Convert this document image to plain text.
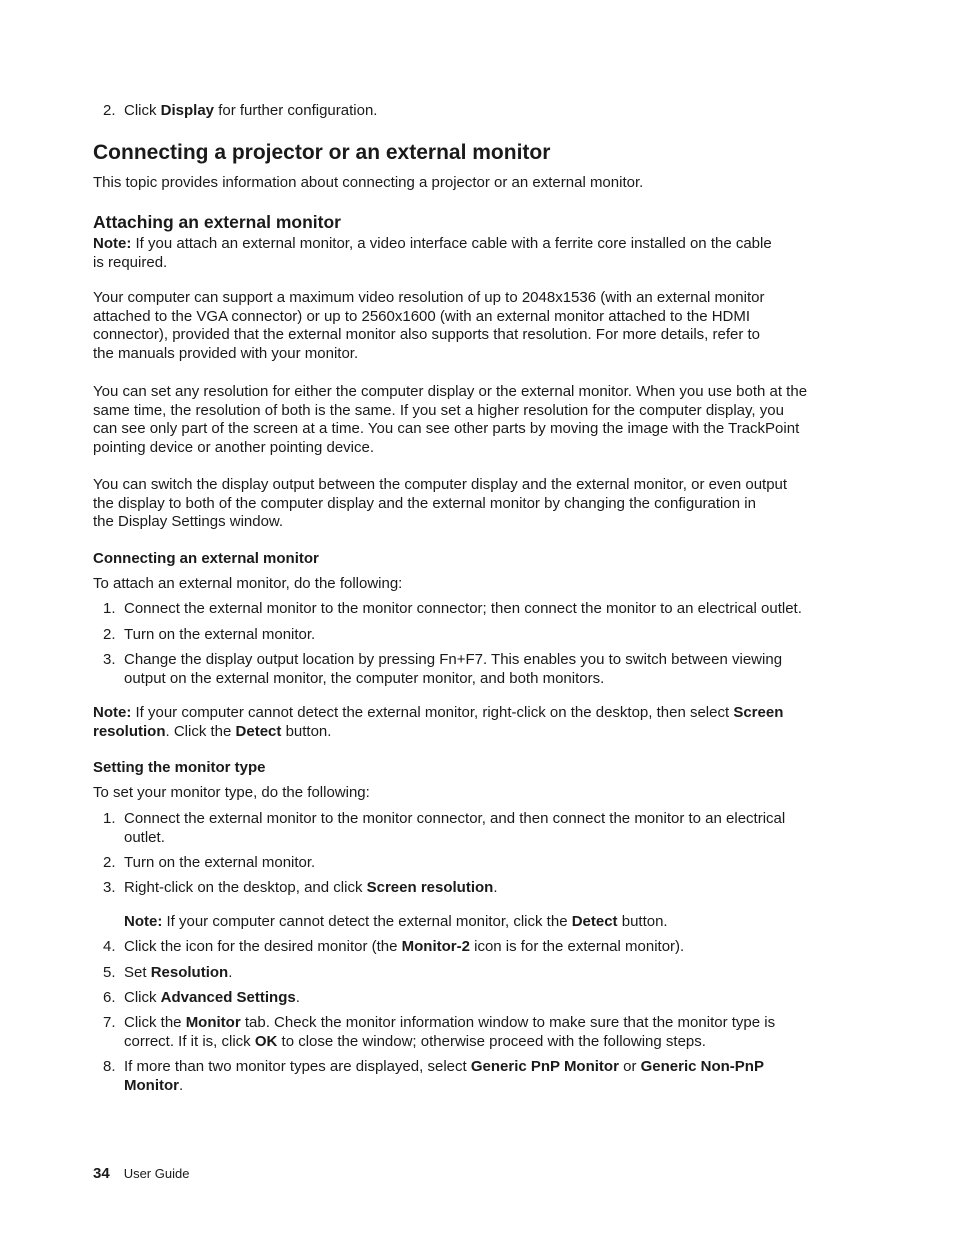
2. Click Display for further configuration.
Connecting a projector or an external monitor

This topic provides information about connecting a projector or an external monitor.

Attaching an external monitor
Note: If you attach an external monitor, a video interface cable with a ferrite core installed on the cable
is required.
Your computer can support a maximum video resolution of up to 2048x1536 (with an external monitor
attached to the VGA connector) or up to 2560x1600 (with an external monitor attached to the HDMI
connector), provided that the external monitor also supports that resolution. For more details, refer to
the manuals provided with your monitor.
You can set any resolution for either the computer display or the external monitor. When you use both at the
same time, the resolution of both is the same. If you set a higher resolution for the computer display, you
can see only part of the screen at a time. You can see other parts by moving the image with the TrackPoint
pointing device or another pointing device.
You can switch the display output between the computer display and the external monitor, or even output
the display to both of the computer display and the external monitor by changing the configuration in
the Display Settings window.
Connecting an external monitor

To attach an external monitor, do the following:

1. Connect the external monitor to the monitor connector; then connect the monitor to an electrical outlet.
2. Turn on the external monitor.
3. Change the display output location by pressing Fn+F7. This enables you to switch between viewing
output on the external monitor, the computer monitor, and both monitors.
Note: If your computer cannot detect the external monitor, right-click on the desktop, then select Screen
resolution. Click the Detect button.
Setting the monitor type

To set your monitor type, do the following:

1. Connect the external monitor to the monitor connector, and then connect the monitor to an electrical
outlet.
2. Turn on the external monitor.
3. Right-click on the desktop, and click Screen resolution.
Note: If your computer cannot detect the external monitor, click the Detect button.
4. Click the icon for the desired monitor (the Monitor-2 icon is for the external monitor).
5. Set Resolution.
6. Click Advanced Settings.
7. Click the Monitor tab. Check the monitor information window to make sure that the monitor type is
correct. If it is, click OK to close the window; otherwise proceed with the following steps.
8. If more than two monitor types are displayed, select Generic PnP Monitor or Generic Non-PnP
Monitor.
34 User Guide
